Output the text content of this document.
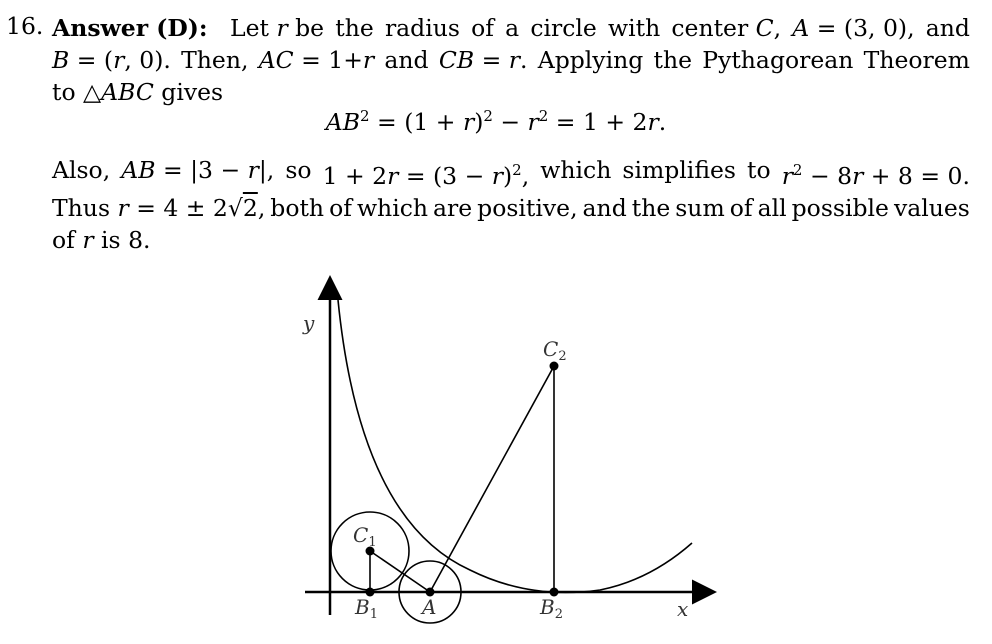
16. Answer (D):   Let r be the radius of a circle with center C, A = (3, 0), and
B = (r, 0). Then, AC = 1+r and CB = r. Applying the Pythagorean Theorem
to △ABC gives
$AB^2 = (1 + r)^2 - r^2 = 1 + 2r$.
Also, AB = |3 − r|, so $1 + 2r = (3 - r)^2$, which simplifies to $r^2 - 8r + 8 = 0$.
Thus r = 4 ± 2√2, both of which are positive, and the sum of all possible values
of r is 8.
y
x
$C_1$
$C_2$
$B_1$ A	$B_2$
